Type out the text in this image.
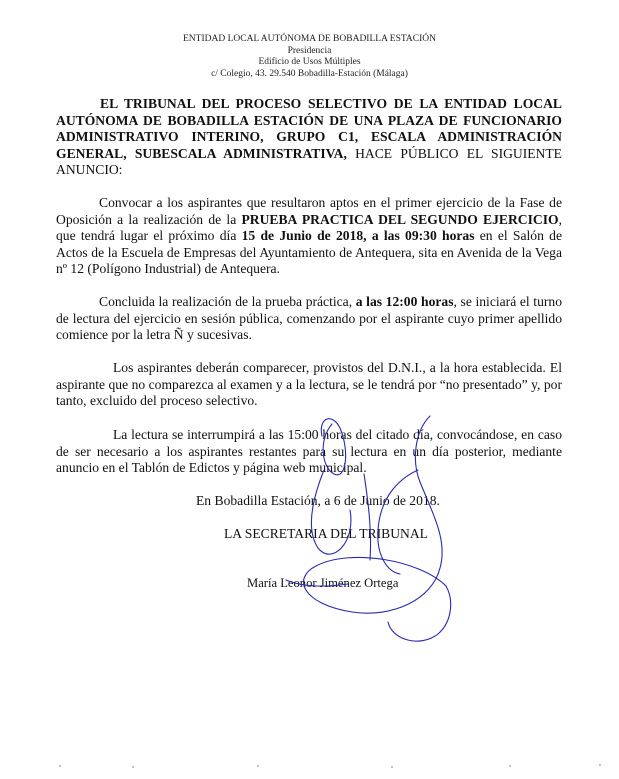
ENTIDAD LOCAL AUTÓNOMA DE BOBADILLA ESTACIÓN
Presidencia
Edificio de Usos Múltiples
c/ Colegio, 43. 29.540 Bobadilla-Estación (Málaga)
EL TRIBUNAL DEL PROCESO SELECTIVO DE LA ENTIDAD LOCAL AUTÓNOMA DE BOBADILLA ESTACIÓN DE UNA PLAZA DE FUNCIONARIO ADMINISTRATIVO INTERINO, GRUPO C1, ESCALA ADMINISTRACIÓN GENERAL, SUBESCALA ADMINISTRATIVA, HACE PÚBLICO EL SIGUIENTE ANUNCIO:
Convocar a los aspirantes que resultaron aptos en el primer ejercicio de la Fase de Oposición a la realización de la PRUEBA PRACTICA DEL SEGUNDO EJERCICIO, que tendrá lugar el próximo día 15 de Junio de 2018, a las 09:30 horas en el Salón de Actos de la Escuela de Empresas del Ayuntamiento de Antequera, sita en Avenida de la Vega nº 12 (Polígono Industrial) de Antequera.
Concluida la realización de la prueba práctica, a las 12:00 horas, se iniciará el turno de lectura del ejercicio en sesión pública, comenzando por el aspirante cuyo primer apellido comience por la letra Ñ y sucesivas.
Los aspirantes deberán comparecer, provistos del D.N.I., a la hora establecida. El aspirante que no comparezca al examen y a la lectura, se le tendrá por “no presentado” y, por tanto, excluido del proceso selectivo.
La lectura se interrumpirá a las 15:00 horas del citado día, convocándose, en caso de ser necesario a los aspirantes restantes para su lectura en un día posterior, mediante anuncio en el Tablón de Edictos y página web municipal.
En Bobadilla Estación, a 6 de Junio de 2018.
LA SECRETARIA DEL TRIBUNAL
María Leonor Jiménez Ortega
